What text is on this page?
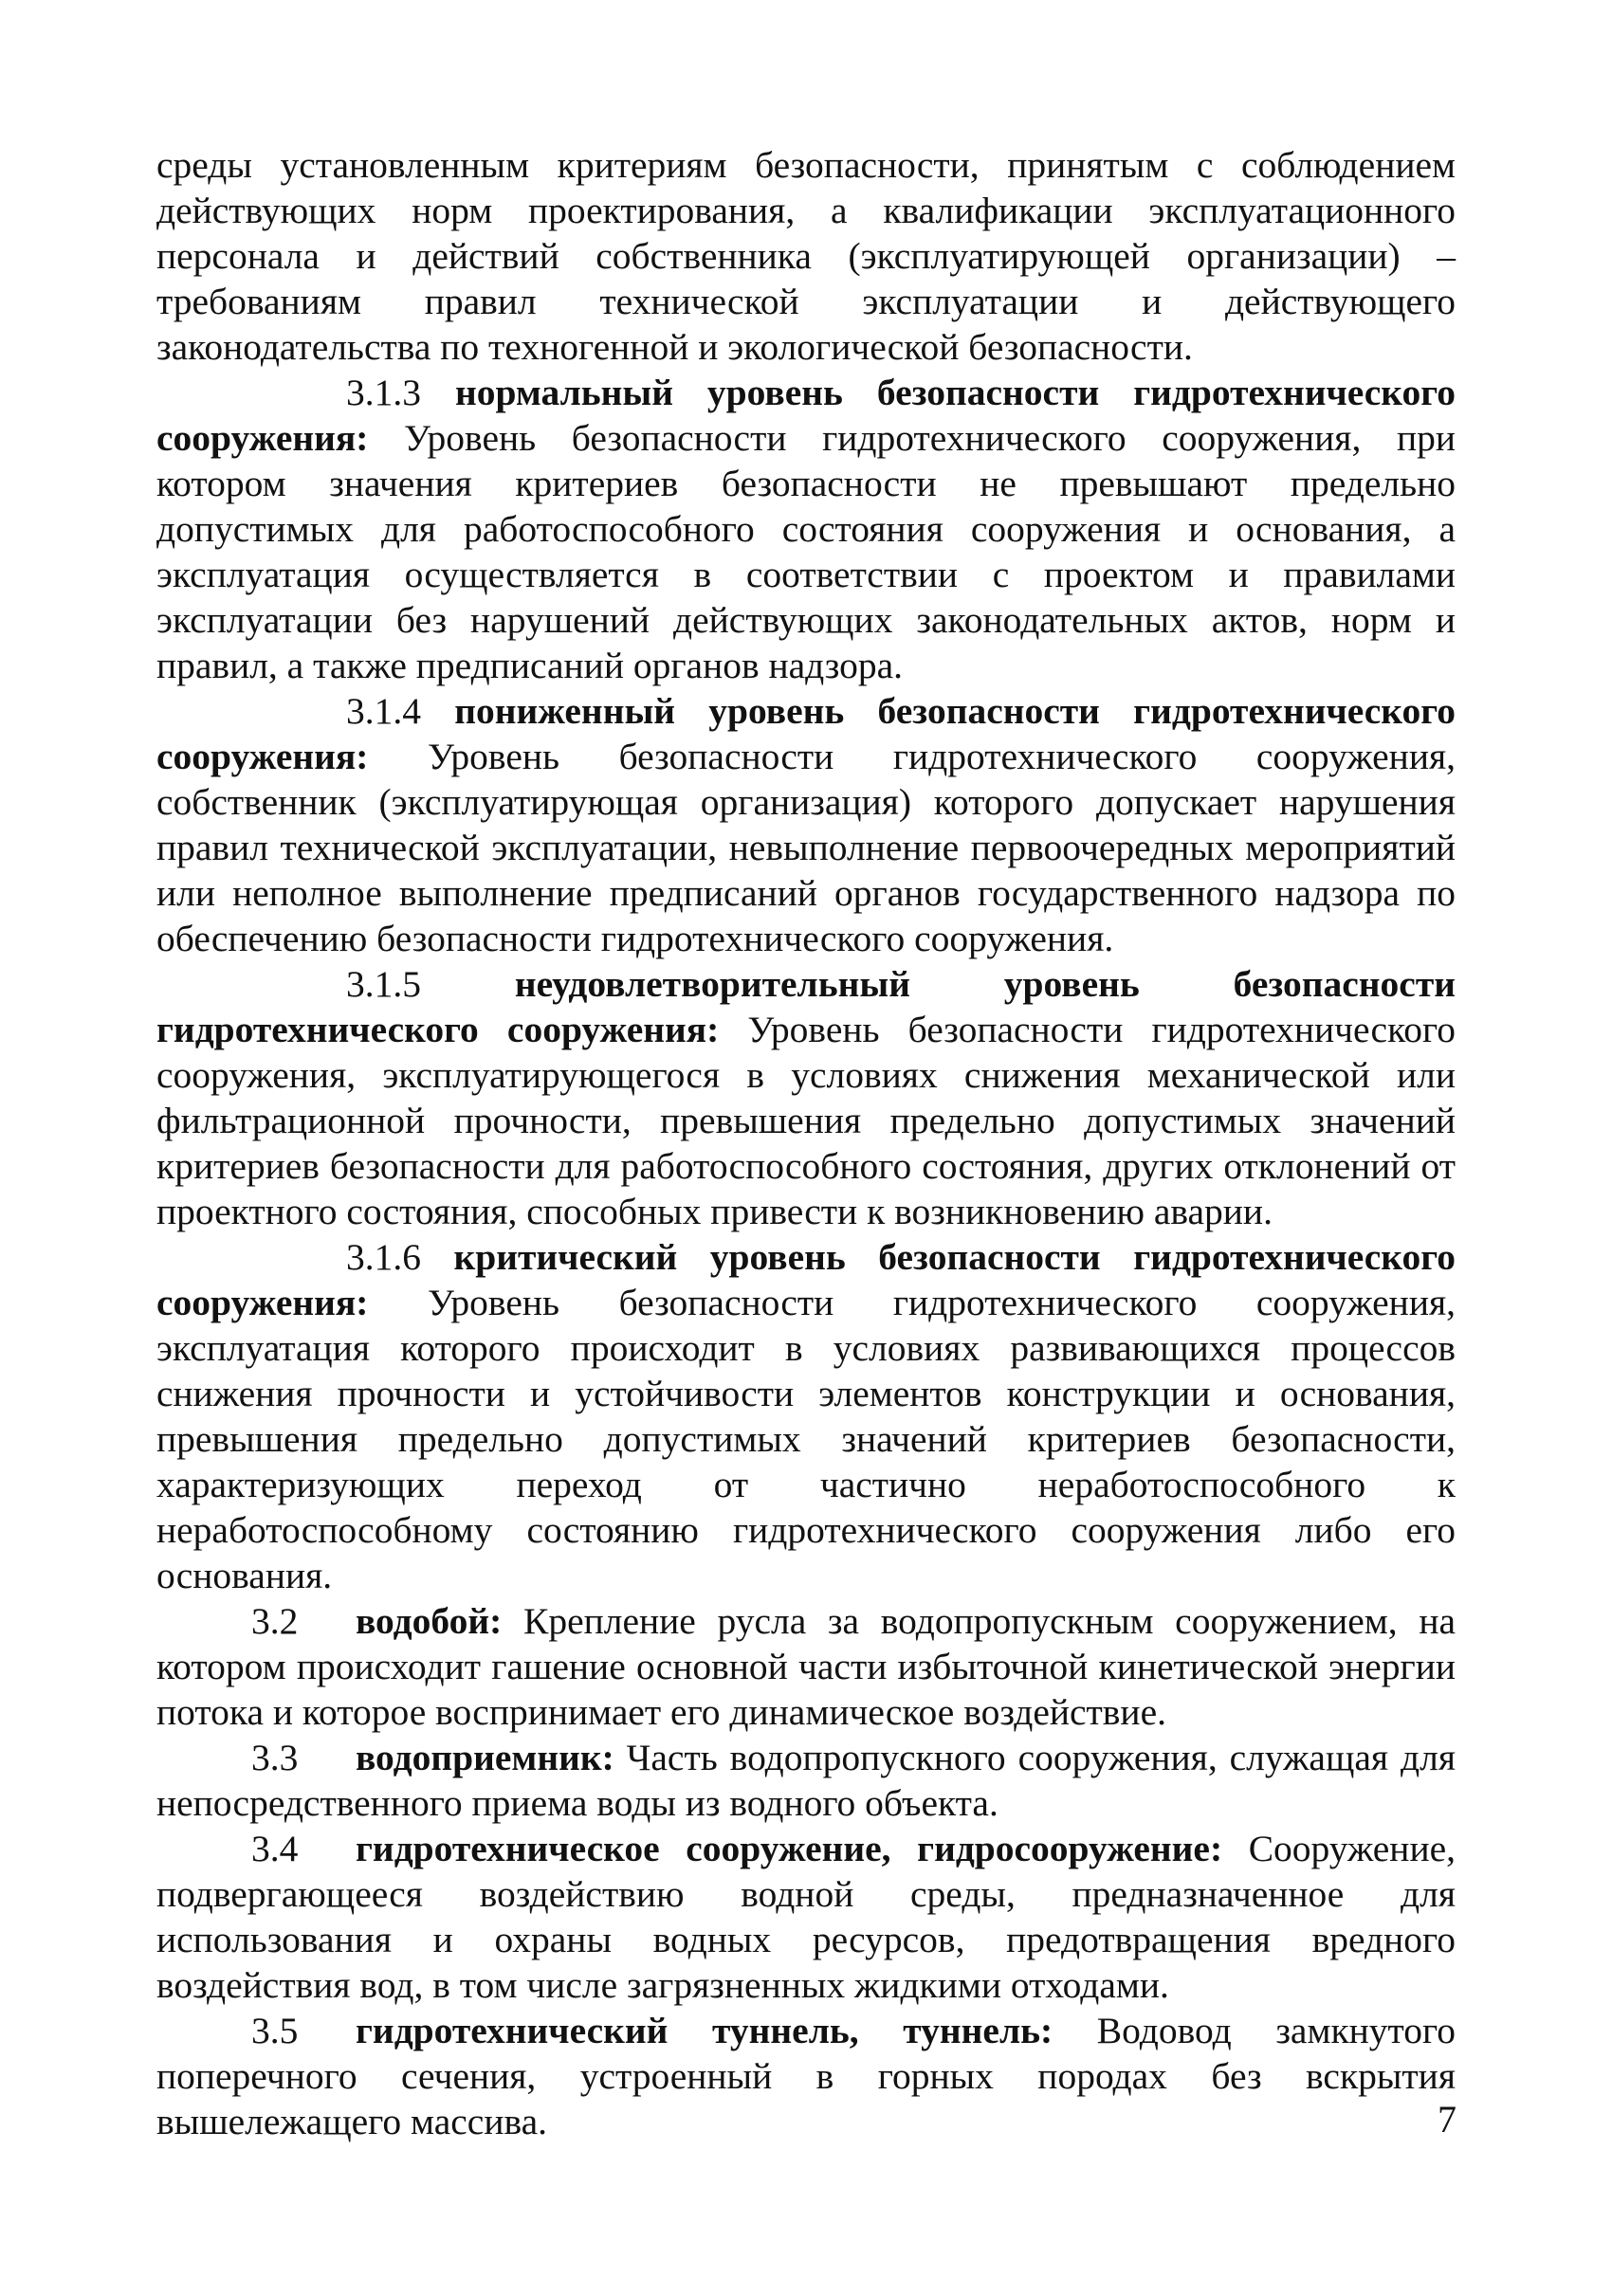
среды установленным критериям безопасности, принятым с соблюдением действующих норм проектирования, а квалификации эксплуатационного персонала и действий собственника (эксплуатирующей организации) – требованиям правил технической эксплуатации и действующего законодательства по техногенной и экологической безопасности.

3.1.3 нормальный уровень безопасности гидротехнического сооружения: Уровень безопасности гидротехнического сооружения, при котором значения критериев безопасности не превышают предельно допустимых для работоспособного состояния сооружения и основания, а эксплуатация осуществляется в соответствии с проектом и правилами эксплуатации без нарушений действующих законодательных актов, норм и правил, а также предписаний органов надзора.

3.1.4 пониженный уровень безопасности гидротехнического сооружения: Уровень безопасности гидротехнического сооружения, собственник (эксплуатирующая организация) которого допускает нарушения правил технической эксплуатации, невыполнение первоочередных мероприятий или неполное выполнение предписаний органов государственного надзора по обеспечению безопасности гидротехнического сооружения.

3.1.5	неудовлетворительный уровень безопасности гидротехнического сооружения: Уровень безопасности гидротехнического сооружения, эксплуатирующегося в условиях снижения механической или фильтрационной прочности, превышения предельно допустимых значений критериев безопасности для работоспособного состояния, других отклонений от проектного состояния, способных привести к возникновению аварии.

3.1.6 критический уровень безопасности гидротехнического сооружения: Уровень безопасности гидротехнического сооружения, эксплуатация которого происходит в условиях развивающихся процессов снижения прочности и устойчивости элементов конструкции и основания, превышения предельно допустимых значений критериев безопасности, характеризующих переход от частично неработоспособного к неработоспособному состоянию гидротехнического сооружения либо его основания.

3.2 водобой: Крепление русла за водопропускным сооружением, на котором происходит гашение основной части избыточной кинетической энергии потока и которое воспринимает его динамическое воздействие.

3.3 водоприемник: Часть водопропускного сооружения, служащая для непосредственного приема воды из водного объекта.

3.4 гидротехническое сооружение, гидросооружение: Сооружение, подвергающееся воздействию водной среды, предназначенное для использования и охраны водных ресурсов, предотвращения вредного воздействия вод, в том числе загрязненных жидкими отходами.

3.5 гидротехнический туннель, туннель: Водовод замкнутого поперечного сечения, устроенный в горных породах без вскрытия вышележащего массива.	7
